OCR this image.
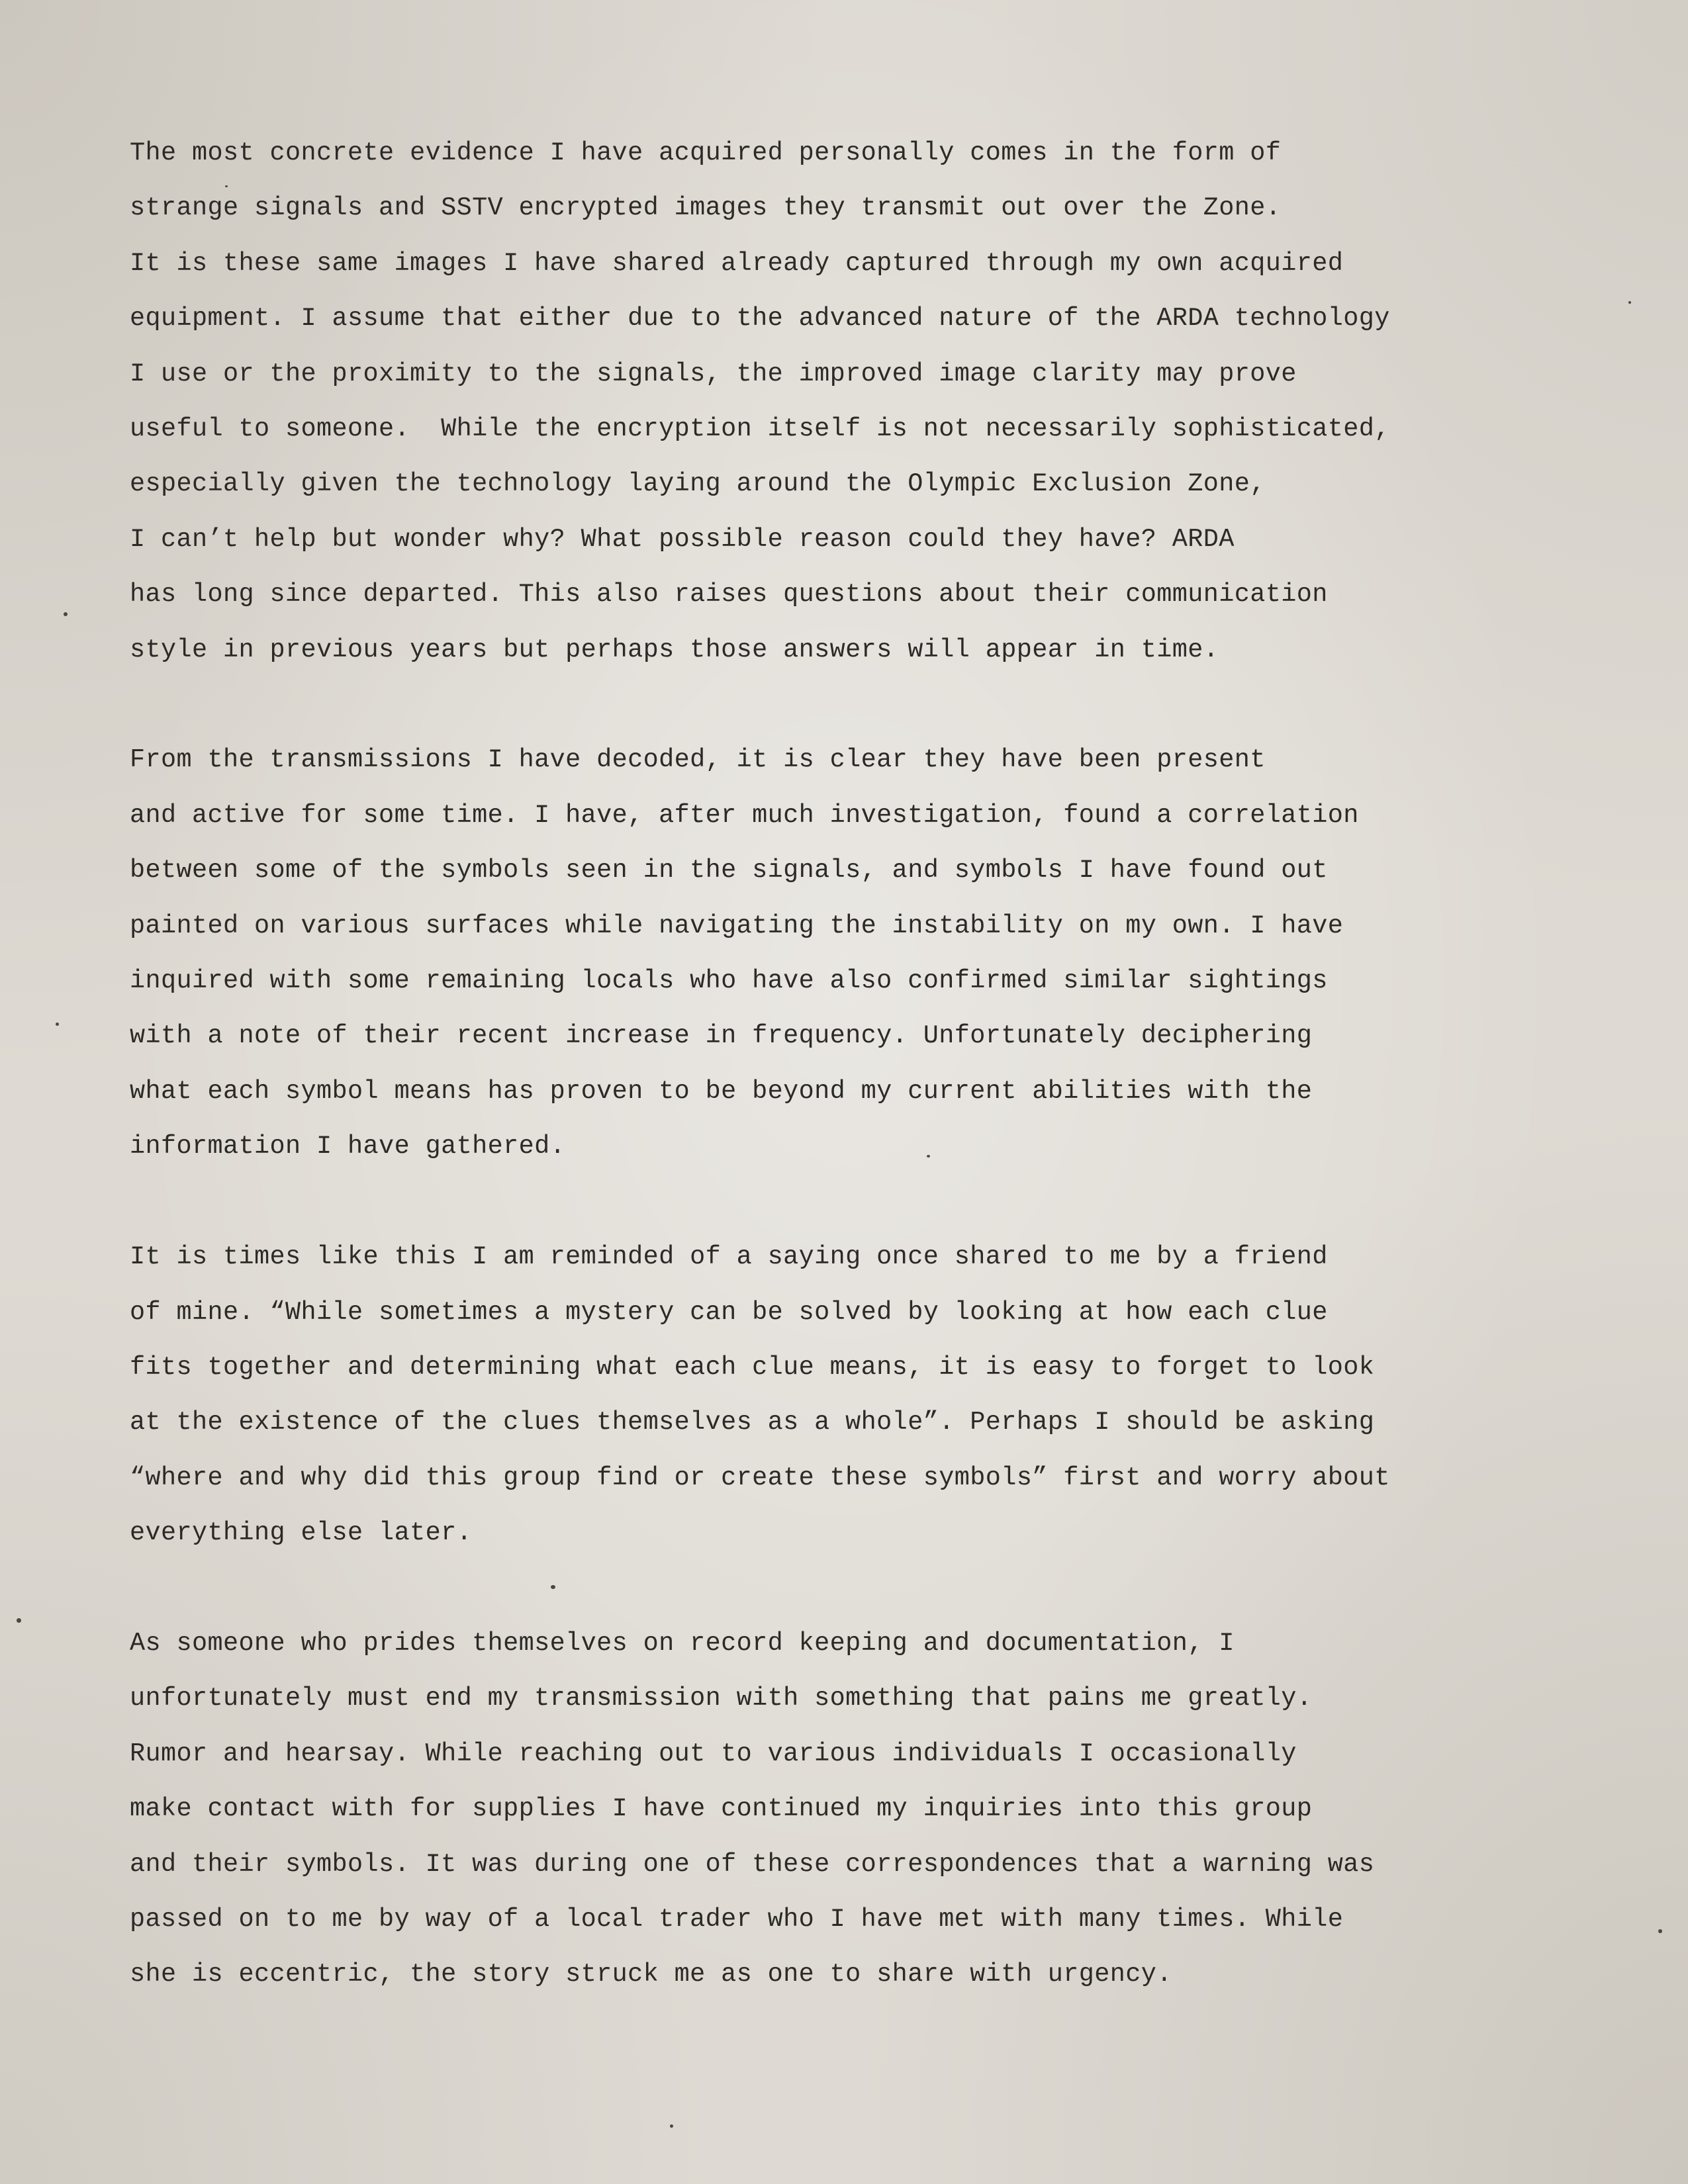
The most concrete evidence I have acquired personally comes in the form of
strange signals and SSTV encrypted images they transmit out over the Zone.
It is these same images I have shared already captured through my own acquired
equipment. I assume that either due to the advanced nature of the ARDA technology
I use or the proximity to the signals, the improved image clarity may prove
useful to someone.  While the encryption itself is not necessarily sophisticated,
especially given the technology laying around the Olympic Exclusion Zone,
I can’t help but wonder why? What possible reason could they have? ARDA
has long since departed. This also raises questions about their communication
style in previous years but perhaps those answers will appear in time.
From the transmissions I have decoded, it is clear they have been present
and active for some time. I have, after much investigation, found a correlation
between some of the symbols seen in the signals, and symbols I have found out
painted on various surfaces while navigating the instability on my own. I have
inquired with some remaining locals who have also confirmed similar sightings
with a note of their recent increase in frequency. Unfortunately deciphering
what each symbol means has proven to be beyond my current abilities with the
information I have gathered.
It is times like this I am reminded of a saying once shared to me by a friend
of mine. “While sometimes a mystery can be solved by looking at how each clue
fits together and determining what each clue means, it is easy to forget to look
at the existence of the clues themselves as a whole”. Perhaps I should be asking
“where and why did this group find or create these symbols” first and worry about
everything else later.
As someone who prides themselves on record keeping and documentation, I
unfortunately must end my transmission with something that pains me greatly.
Rumor and hearsay. While reaching out to various individuals I occasionally
make contact with for supplies I have continued my inquiries into this group
and their symbols. It was during one of these correspondences that a warning was
passed on to me by way of a local trader who I have met with many times. While
she is eccentric, the story struck me as one to share with urgency.
